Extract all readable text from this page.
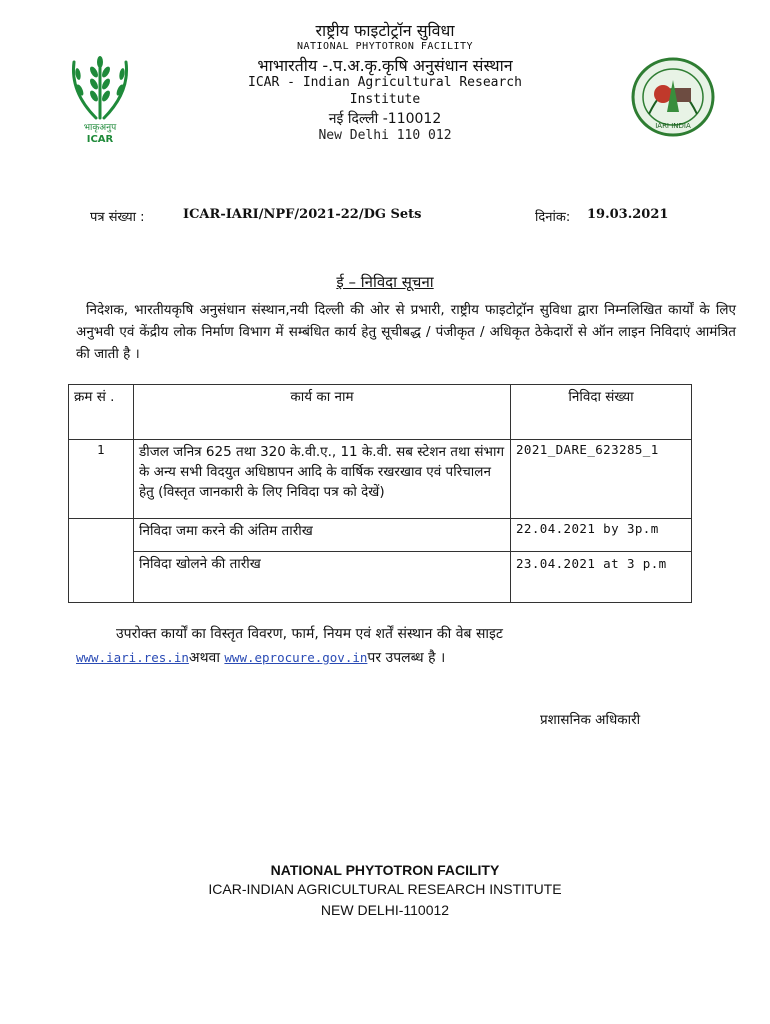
राष्ट्रीय फाइटोट्रॉन सुविधा
NATIONAL PHYTOTRON FACILITY
भाभारतीय -.प.अ.कृ.कृषि अनुसंधान संस्थान
ICAR - Indian Agricultural Research
Institute
नई दिल्ली -110012
New Delhi 110 012
भाकृअनुप
ICAR
IARI INDIA
पत्र संख्या :	ICAR-IARI/NPF/2021-22/DG Sets	दिनांक: 19.03.2021
ई – निविदा सूचना
निदेशक, भारतीयकृषि अनुसंधान संस्थान,नयी दिल्ली की ओर से प्रभारी, राष्ट्रीय फाइटोट्रॉन सुविधा द्वारा निम्नलिखित कार्यों के लिए अनुभवी एवं केंद्रीय लोक निर्माण विभाग में सम्बंधित कार्य हेतु सूचीबद्ध / पंजीकृत / अधिकृत ठेकेदारों से ऑन लाइन निविदाएं आमंत्रित की जाती है ।
क्रम सं .	कार्य का नाम	निविदा संख्या
1	डीजल जनित्र 625 तथा 320 के.वी.ए., 11 के.वी. सब स्टेशन तथा संभाग के अन्य सभी विदयुत अधिष्ठापन आदि के वार्षिक रखरखाव एवं परिचालन हेतु (विस्तृत जानकारी के लिए निविदा पत्र को देखें)	2021_DARE_623285_1
	निविदा जमा करने की अंतिम तारीख	22.04.2021 by 3p.m
	निविदा खोलने की तारीख	23.04.2021 at 3 p.m
उपरोक्त कार्यों का विस्तृत विवरण, फार्म, नियम एवं शर्तें संस्थान की वेब साइट
www.iari.res.inअथवा www.eprocure.gov.inपर उपलब्ध है ।
प्रशासनिक अधिकारी
NATIONAL PHYTOTRON FACILITY
ICAR-INDIAN AGRICULTURAL RESEARCH INSTITUTE
NEW DELHI-110012
